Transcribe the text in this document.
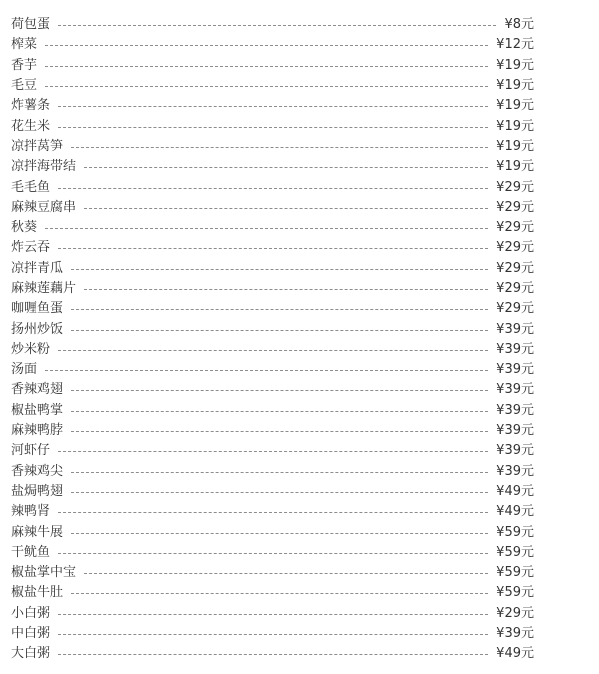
荷包蛋	¥8元
榨菜	¥12元
香芋	¥19元
毛豆	¥19元
炸薯条	¥19元
花生米	¥19元
凉拌莴笋	¥19元
凉拌海带结	¥19元
毛毛鱼	¥29元
麻辣豆腐串	¥29元
秋葵	¥29元
炸云吞	¥29元
凉拌青瓜	¥29元
麻辣莲藕片	¥29元
咖喱鱼蛋	¥29元
扬州炒饭	¥39元
炒米粉	¥39元
汤面	¥39元
香辣鸡翅	¥39元
椒盐鸭掌	¥39元
麻辣鸭脖	¥39元
河虾仔	¥39元
香辣鸡尖	¥39元
盐焗鸭翅	¥49元
辣鸭肾	¥49元
麻辣牛展	¥59元
干鱿鱼	¥59元
椒盐掌中宝	¥59元
椒盐牛肚	¥59元
小白粥	¥29元
中白粥	¥39元
大白粥	¥49元
